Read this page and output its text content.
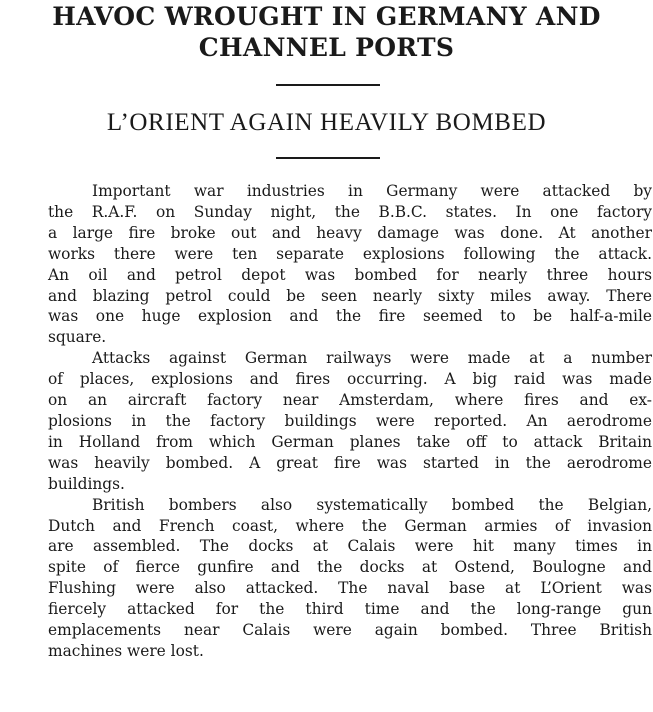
HAVOC WROUGHT IN GERMANY AND
CHANNEL PORTS
L’ORIENT AGAIN HEAVILY BOMBED

Important war industries in Germany were attacked by
the R.A.F. on Sunday night, the B.B.C. states. In one factory
a large fire broke out and heavy damage was done. At another
works there were ten separate explosions following the attack.
An oil and petrol depot was bombed for nearly three hours
and blazing petrol could be seen nearly sixty miles away. There
was one huge explosion and the fire seemed to be half-a-mile
square.

Attacks against German railways were made at a number
of places, explosions and fires occurring. A big raid was made
on an aircraft factory near Amsterdam, where fires and ex-
plosions in the factory buildings were reported. An aerodrome
in Holland from which German planes take off to attack Britain
was heavily bombed. A great fire was started in the aerodrome
buildings.

British bombers also systematically bombed the Belgian,
Dutch and French coast, where the German armies of invasion
are assembled. The docks at Calais were hit many times in
spite of fierce gunfire and the docks at Ostend, Boulogne and
Flushing were also attacked. The naval base at L’Orient was
fiercely attacked for the third time and the long-range gun
emplacements near Calais were again bombed. Three British
machines were lost.
